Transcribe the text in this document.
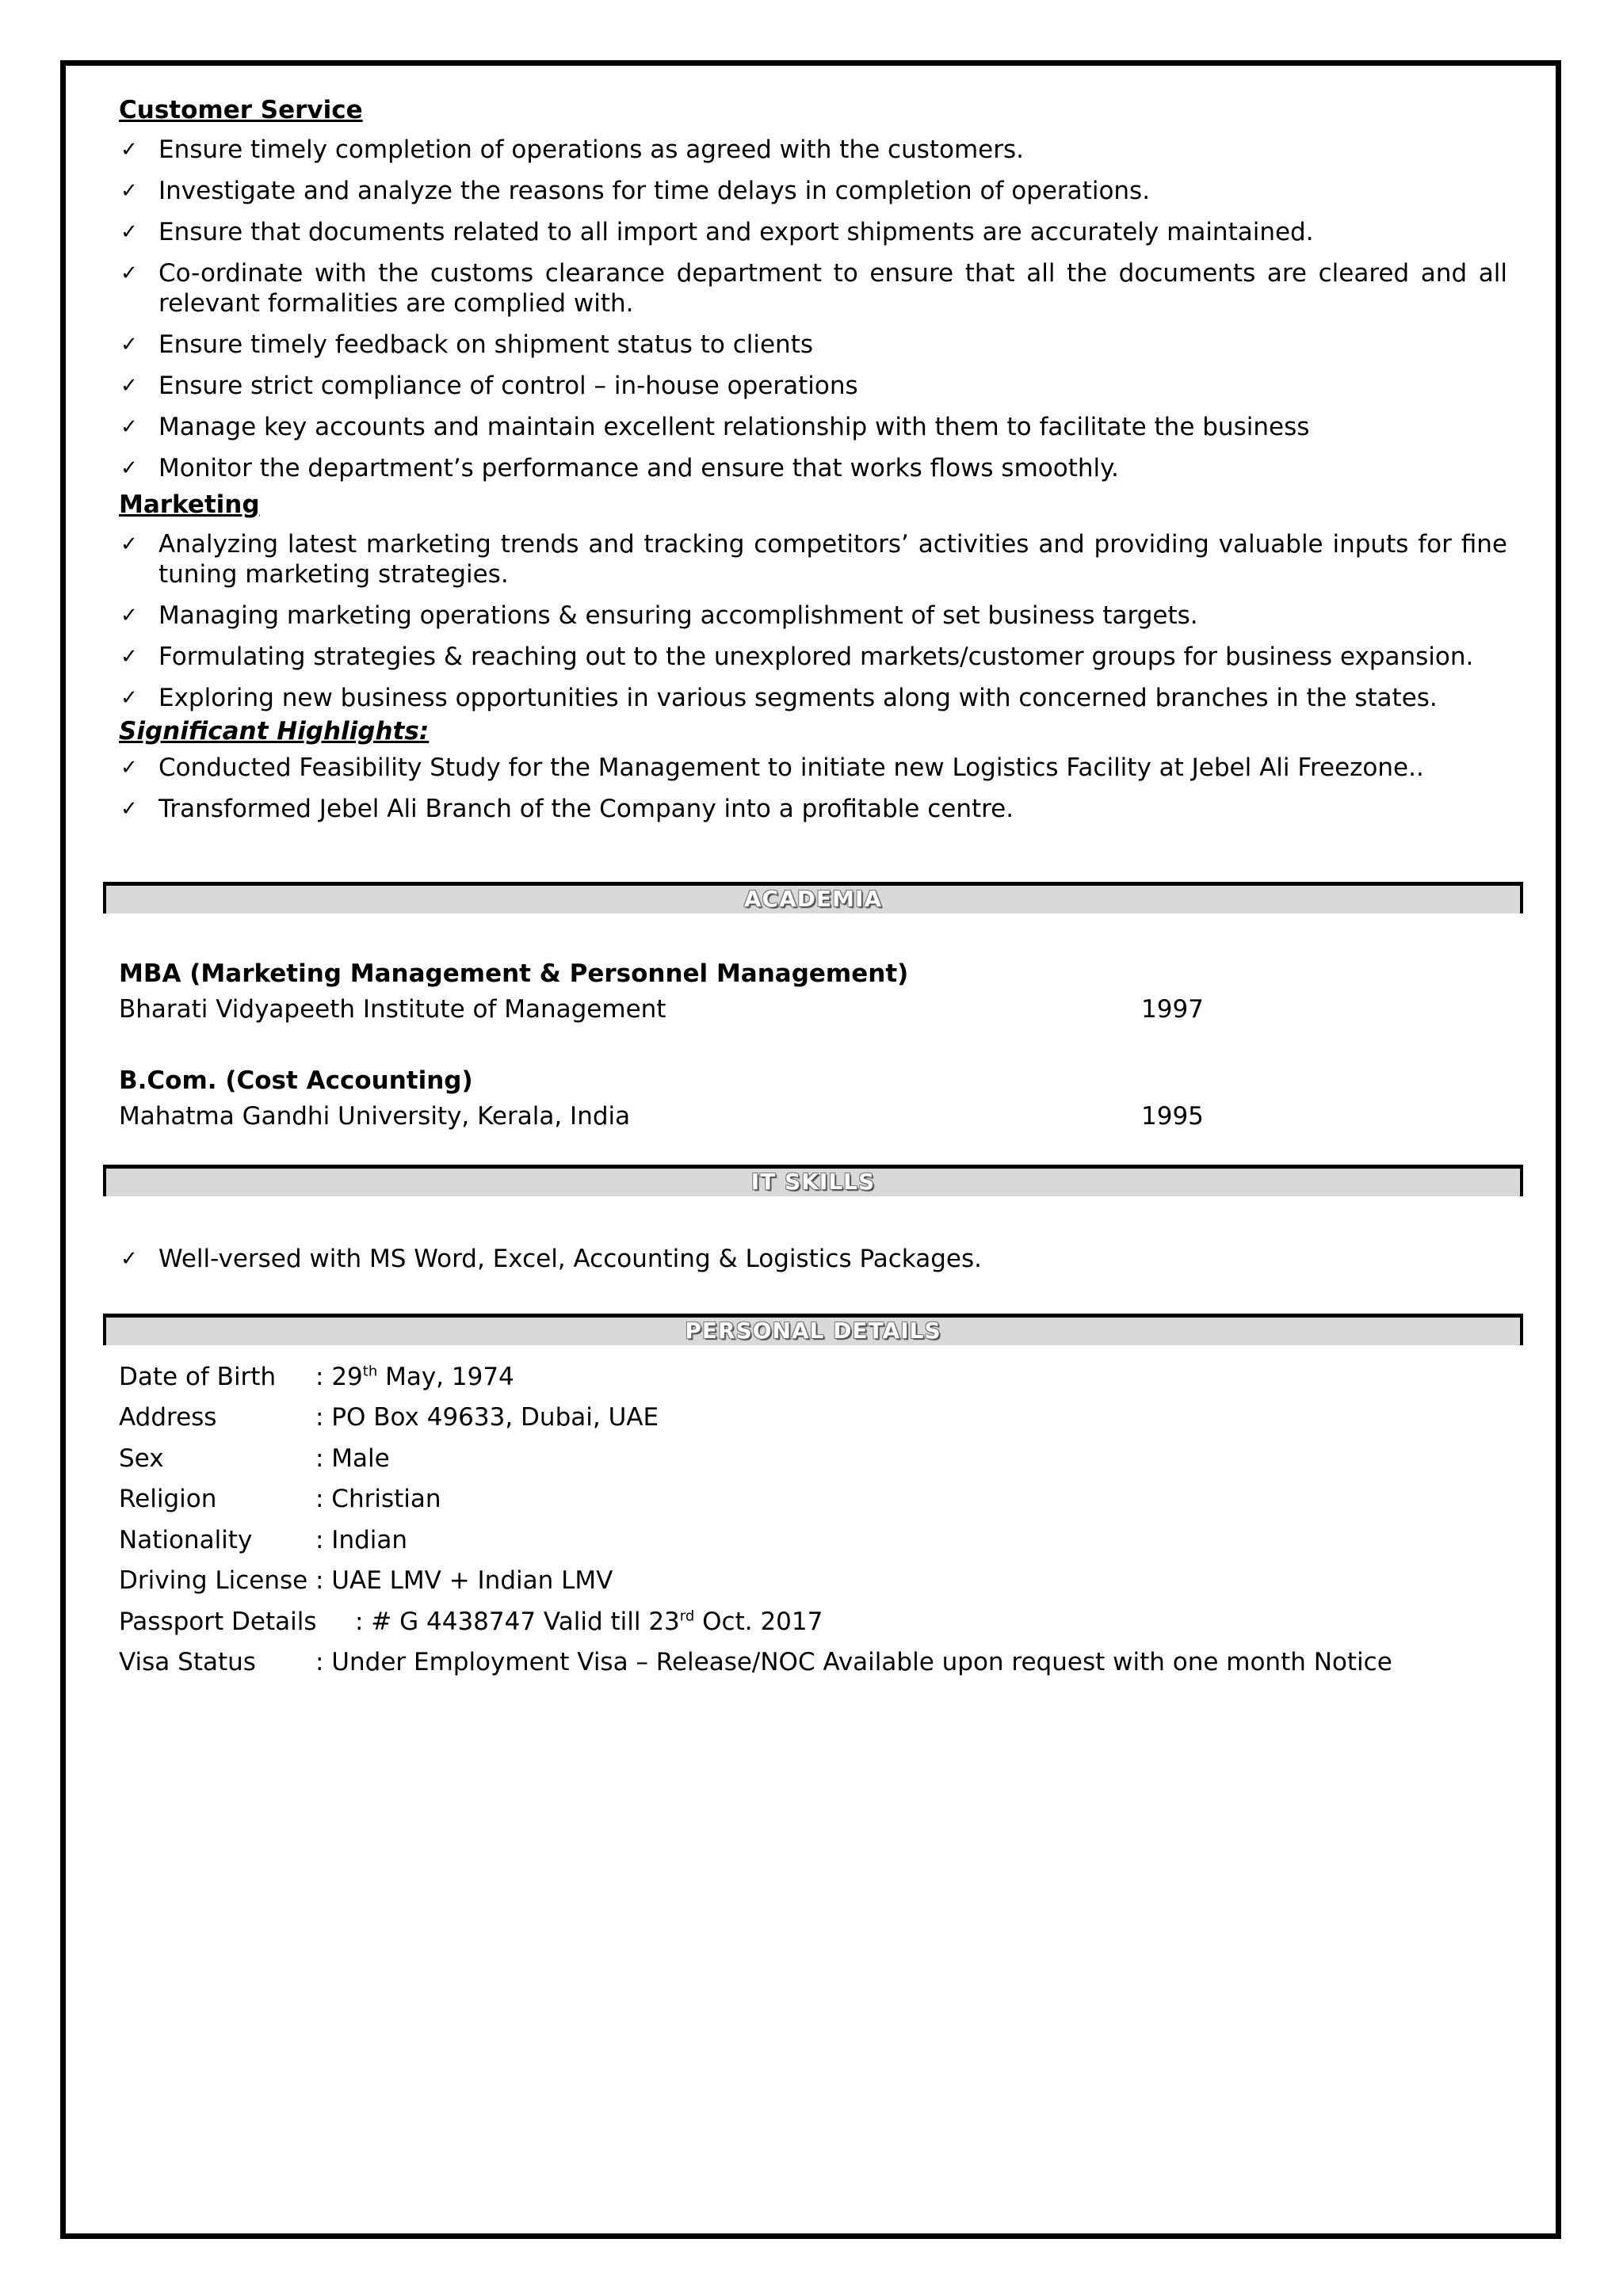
Customer Service
✓ Ensure timely completion of operations as agreed with the customers.
✓ Investigate and analyze the reasons for time delays in completion of operations.
✓ Ensure that documents related to all import and export shipments are accurately maintained.
✓ Co-ordinate with the customs clearance department to ensure that all the documents are cleared and all relevant formalities are complied with.
✓ Ensure timely feedback on shipment status to clients
✓ Ensure strict compliance of control – in-house operations
✓ Manage key accounts and maintain excellent relationship with them to facilitate the business
✓ Monitor the department’s performance and ensure that works flows smoothly.
Marketing
✓ Analyzing latest marketing trends and tracking competitors’ activities and providing valuable inputs for fine tuning marketing strategies.
✓ Managing marketing operations & ensuring accomplishment of set business targets.
✓ Formulating strategies & reaching out to the unexplored markets/customer groups for business expansion.
✓ Exploring new business opportunities in various segments along with concerned branches in the states.
Significant Highlights:
✓ Conducted Feasibility Study for the Management to initiate new Logistics Facility at Jebel Ali Freezone..
✓ Transformed Jebel Ali Branch of the Company into a profitable centre.
ACADEMIA
MBA (Marketing Management & Personnel Management)
Bharati Vidyapeeth Institute of Management	1997
B.Com. (Cost Accounting)
Mahatma Gandhi University, Kerala, India	1995
IT SKILLS
✓ Well-versed with MS Word, Excel, Accounting & Logistics Packages.
PERSONAL DETAILS
Date of Birth : 29th May, 1974
Address	: PO Box 49633, Dubai, UAE
Sex	: Male
Religion	: Christian
Nationality	: Indian
Driving License : UAE LMV + Indian LMV
Passport Details : # G 4438747 Valid till 23rd Oct. 2017
Visa Status : Under Employment Visa – Release/NOC Available upon request with one month Notice
